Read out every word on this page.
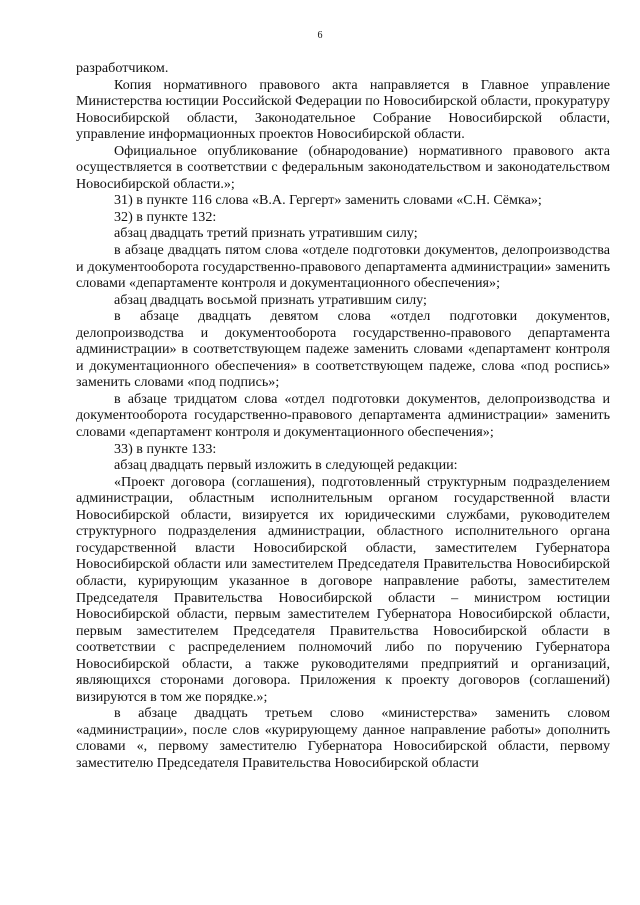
6

разработчиком.

Копия нормативного правового акта направляется в Главное управление Министерства юстиции Российской Федерации по Новосибирской области, прокуратуру Новосибирской области, Законодательное Собрание Новосибирской области, управление информационных проектов Новосибирской области.

Официальное опубликование (обнародование) нормативного правового акта осуществляется в соответствии с федеральным законодательством и законодательством Новосибирской области.»;

31) в пункте 116 слова «В.А. Гергерт» заменить словами «С.Н. Сёмка»;

32) в пункте 132:

абзац двадцать третий признать утратившим силу;

в абзаце двадцать пятом слова «отделе подготовки документов, делопроизводства и документооборота государственно-правового департамента администрации» заменить словами «департаменте контроля и документационного обеспечения»;

абзац двадцать восьмой признать утратившим силу;

в абзаце двадцать девятом слова «отдел подготовки документов, делопроизводства и документооборота государственно-правового департамента администрации» в соответствующем падеже заменить словами «департамент контроля и документационного обеспечения» в соответствующем падеже, слова «под роспись» заменить словами «под подпись»;

в абзаце тридцатом слова «отдел подготовки документов, делопроизводства и документооборота государственно-правового департамента администрации» заменить словами «департамент контроля и документационного обеспечения»;

33) в пункте 133:

абзац двадцать первый изложить в следующей редакции:

«Проект договора (соглашения), подготовленный структурным подразделением администрации, областным исполнительным органом государственной власти Новосибирской области, визируется их юридическими службами, руководителем структурного подразделения администрации, областного исполнительного органа государственной власти Новосибирской области, заместителем Губернатора Новосибирской области или заместителем Председателя Правительства Новосибирской области, курирующим указанное в договоре направление работы, заместителем Председателя Правительства Новосибирской области – министром юстиции Новосибирской области, первым заместителем Губернатора Новосибирской области, первым заместителем Председателя Правительства Новосибирской области в соответствии с распределением полномочий либо по поручению Губернатора Новосибирской области, а также руководителями предприятий и организаций, являющихся сторонами договора. Приложения к проекту договоров (соглашений) визируются в том же порядке.»;

в абзаце двадцать третьем слово «министерства» заменить словом «администрации», после слов «курирующему данное направление работы» дополнить словами «, первому заместителю Губернатора Новосибирской области, первому заместителю Председателя Правительства Новосибирской области
